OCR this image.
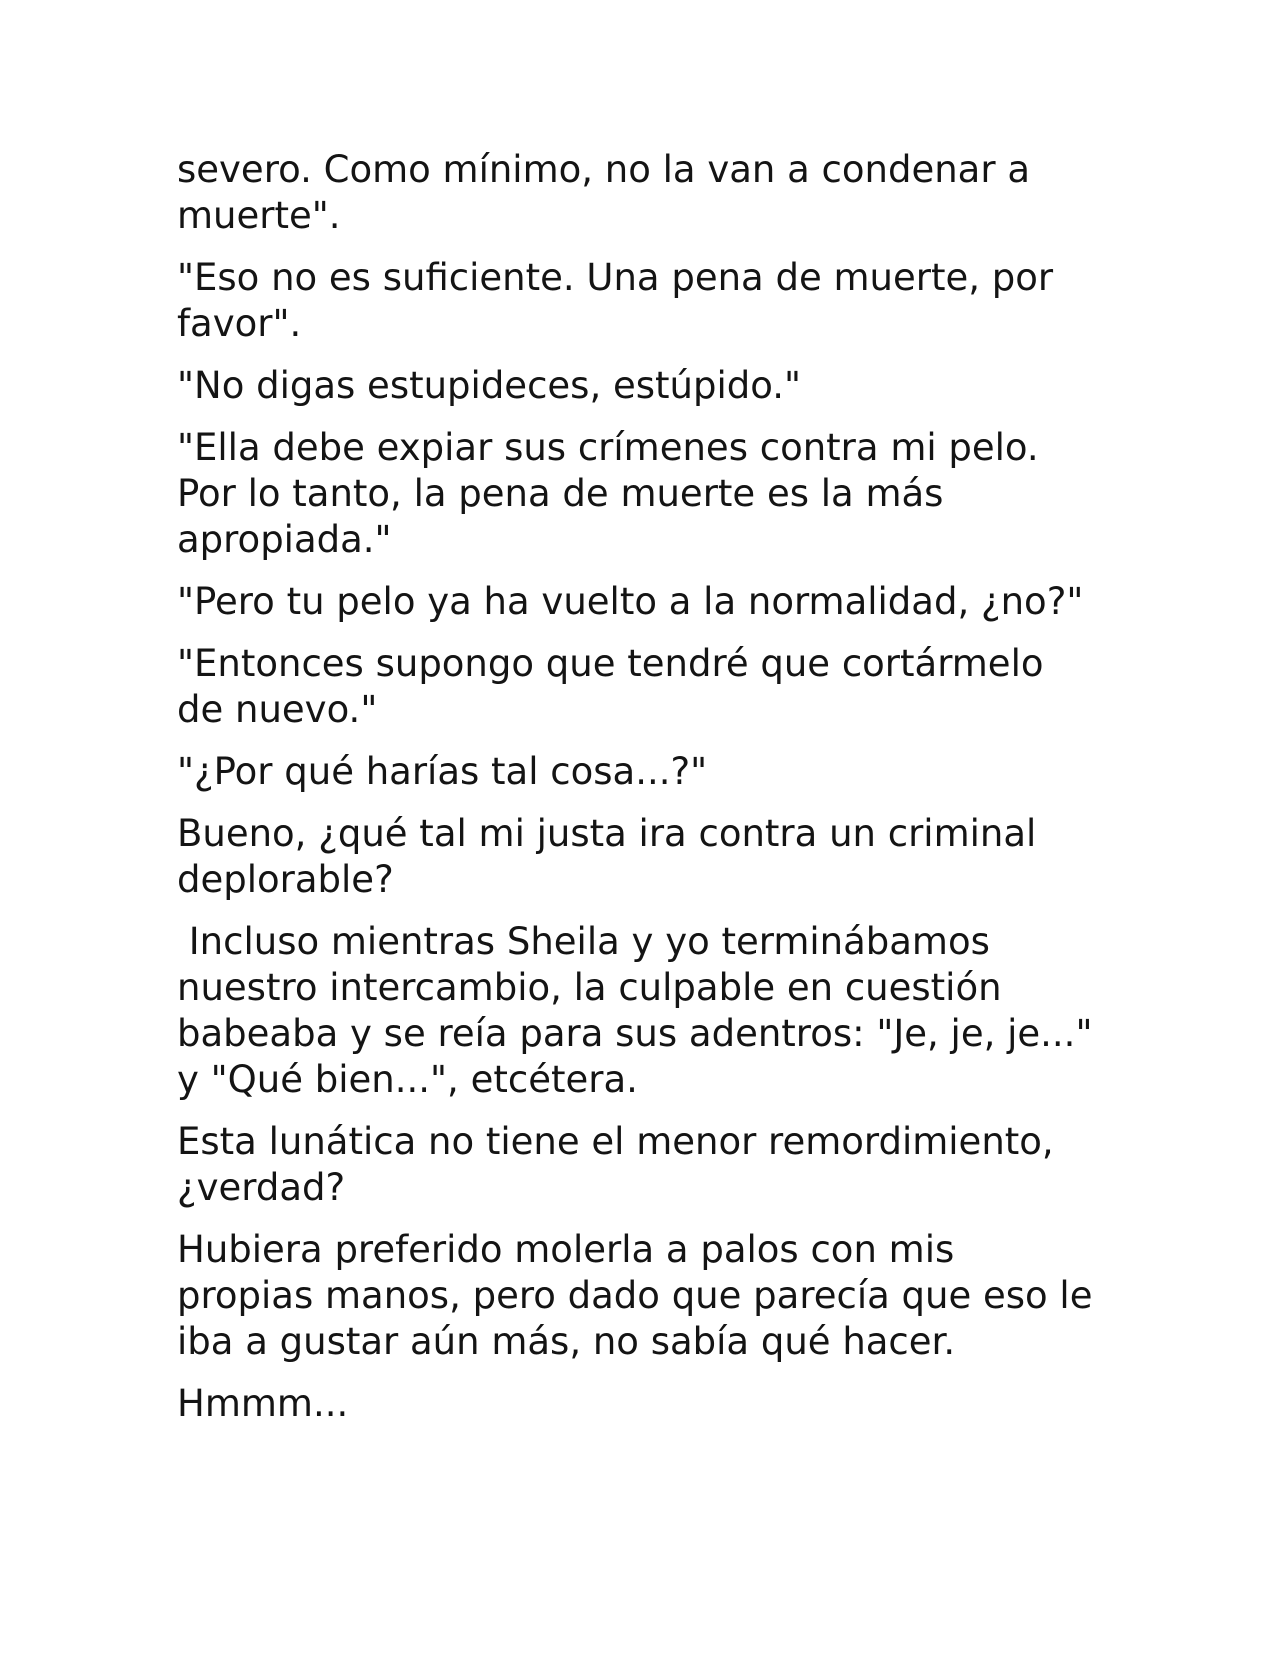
severo. Como mínimo, no la van a condenar a muerte".

"Eso no es suficiente. Una pena de muerte, por favor".

"No digas estupideces, estúpido."

"Ella debe expiar sus crímenes contra mi pelo. Por lo tanto, la pena de muerte es la más apropiada."

"Pero tu pelo ya ha vuelto a la normalidad, ¿no?"

"Entonces supongo que tendré que cortármelo de nuevo."

"¿Por qué harías tal cosa...?"

Bueno, ¿qué tal mi justa ira contra un criminal deplorable?

Incluso mientras Sheila y yo terminábamos nuestro intercambio, la culpable en cuestión babeaba y se reía para sus adentros: "Je, je, je..." y "Qué bien...", etcétera.

Esta lunática no tiene el menor remordimiento, ¿verdad?

Hubiera preferido molerla a palos con mis propias manos, pero dado que parecía que eso le iba a gustar aún más, no sabía qué hacer.

Hmmm...
